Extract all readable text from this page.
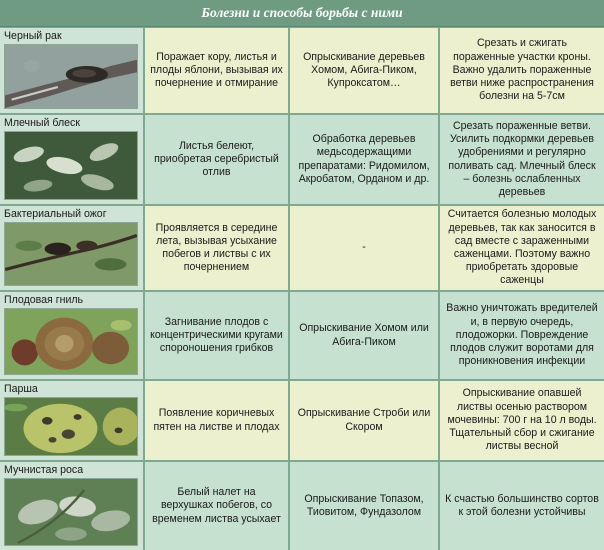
Болезни и способы борьбы с ними
Черный рак
Поражает кору, листья и плоды яблони, вызывая их почернение и отмирание
Опрыскивание деревьев Хомом, Абига-Пиком, Купроксатом…
Срезать и сжигать пораженные участки кроны. Важно удалить пораженные ветви ниже распространения болезни на 5-7см
Млечный блеск
Листья белеют, приобретая серебристый отлив
Обработка деревьев медьсодержащими препаратами: Ридомилом, Акробатом, Орданом и др.
Срезать пораженные ветви. Усилить подкормки деревьев удобрениями и регулярно поливать сад. Млечный блеск – болезнь ослабленных деревьев
Бактериальный ожог
Проявляется в середине лета, вызывая усыхание побегов и листвы с их почернением
-
Считается болезнью молодых деревьев, так как заносится в сад вместе с зараженными саженцами. Поэтому важно приобретать здоровые саженцы
Плодовая гниль
Загнивание плодов с концентрическими кругами спороношения грибков
Опрыскивание Хомом или Абига-Пиком
Важно уничтожать вредителей и, в первую очередь, плодожорки. Повреждение плодов служит воротами для проникновения инфекции
Парша
Появление коричневых пятен на листве и плодах
Опрыскивание Строби или Скором
Опрыскивание опавшей листвы осенью раствором мочевины: 700 г на 10 л воды. Тщательный сбор и сжигание листвы весной
Мучнистая роса
Белый налет на верхушках побегов, со временем листва усыхает
Опрыскивание Топазом, Тиовитом, Фундазолом
К счастью большинство сортов к этой болезни устойчивы
